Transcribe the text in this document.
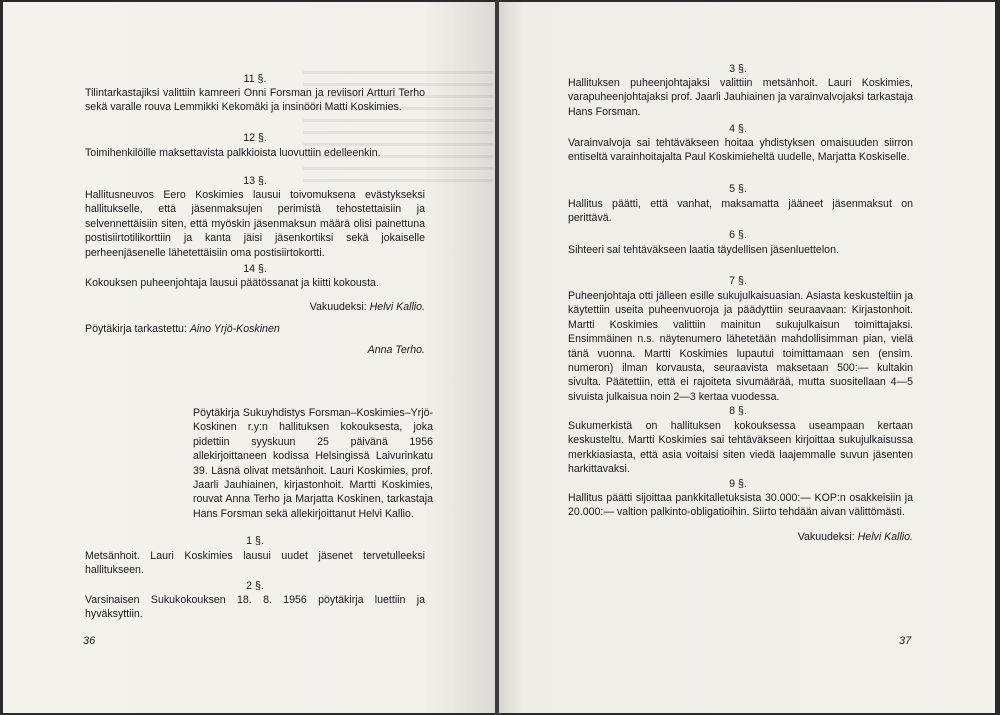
11 §.

Tilintarkastajiksi valittiin kamreeri Onni Forsman ja reviisori Artturi Terho sekä varalle rouva Lemmikki Kekomäki ja insinööri Matti Koskimies.

12 §.

Toimihenkilöille maksettavista palkkioista luovuttiin edelleenkin.

13 §.

Hallitusneuvos Eero Koskimies lausui toivomuksena evästykseksi hallitukselle, että jäsenmaksujen perimistä tehostettaisiin ja selvennettäisiin siten, että myöskin jäsenmaksun määrä olisi painettuna postisiirtotilikorttiin ja kanta jäisi jäsenkortiksi sekä jokaiselle perheenjäsenelle lähetettäisiin oma postisiirtokortti.

14 §.

Kokouksen puheenjohtaja lausui päätössanat ja kiitti kokousta.

Vakuudeksi: Helvi Kallio.

Pöytäkirja tarkastettu: Aino Yrjö-Koskinen

Anna Terho.

Pöytäkirja Sukuyhdistys Forsman–Koskimies–Yrjö-Koskinen r.y:n hallituksen kokouksesta, joka pidettiin syyskuun 25 päivänä 1956 allekirjoittaneen kodissa Helsingissä Laivurinkatu 39. Läsnä olivat metsänhoit. Lauri Koskimies, prof. Jaarli Jauhiainen, kirjastonhoit. Martti Koskimies, rouvat Anna Terho ja Marjatta Koskinen, tarkastaja Hans Forsman sekä allekirjoittanut Helvi Kallio.

1 §.

Metsänhoit. Lauri Koskimies lausui uudet jäsenet tervetulleeksi hallitukseen.

2 §.

Varsinaisen Sukukokouksen 18. 8. 1956 pöytäkirja luettiin ja hyväksyttiin.

36

3 §.

Hallituksen puheenjohtajaksi valittiin metsänhoit. Lauri Koskimies, varapuheenjohtajaksi prof. Jaarli Jauhiainen ja varainvalvojaksi tarkastaja Hans Forsman.

4 §.

Varainvalvoja sai tehtäväkseen hoitaa yhdistyksen omaisuuden siirron entiseltä varainhoitajalta Paul Koskimieheltä uudelle, Marjatta Koskiselle.

5 §.

Hallitus päätti, että vanhat, maksamatta jääneet jäsenmaksut on perittävä.

6 §.

Sihteeri sai tehtäväkseen laatia täydellisen jäsenluettelon.

7 §.

Puheenjohtaja otti jälleen esille sukujulkaisuasian. Asiasta keskusteltiin ja käytettiin useita puheenvuoroja ja päädyttiin seuraavaan: Kirjastonhoit. Martti Koskimies valittiin mainitun sukujulkaisun toimittajaksi. Ensimmäinen n.s. näytenumero lähetetään mahdollisimman pian, vielä tänä vuonna. Martti Koskimies lupautui toimittamaan sen (ensim. numeron) ilman korvausta, seuraavista maksetaan 500:— kultakin sivulta. Päätettiin, että ei rajoiteta sivumäärää, mutta suositellaan 4—5 sivuista julkaisua noin 2—3 kertaa vuodessa.

8 §.

Sukumerkistä on hallituksen kokouksessa useampaan kertaan keskusteltu. Martti Koskimies sai tehtäväkseen kirjoittaa sukujulkaisussa merkkiasiasta, että asia voitaisi siten viedä laajemmalle suvun jäsenten harkittavaksi.

9 §.

Hallitus päätti sijoittaa pankkitalletuksista 30.000:— KOP:n osakkeisiin ja 20.000:— valtion palkinto-obligatioihin. Siirto tehdään aivan välittömästi.

Vakuudeksi: Helvi Kallio.

37
